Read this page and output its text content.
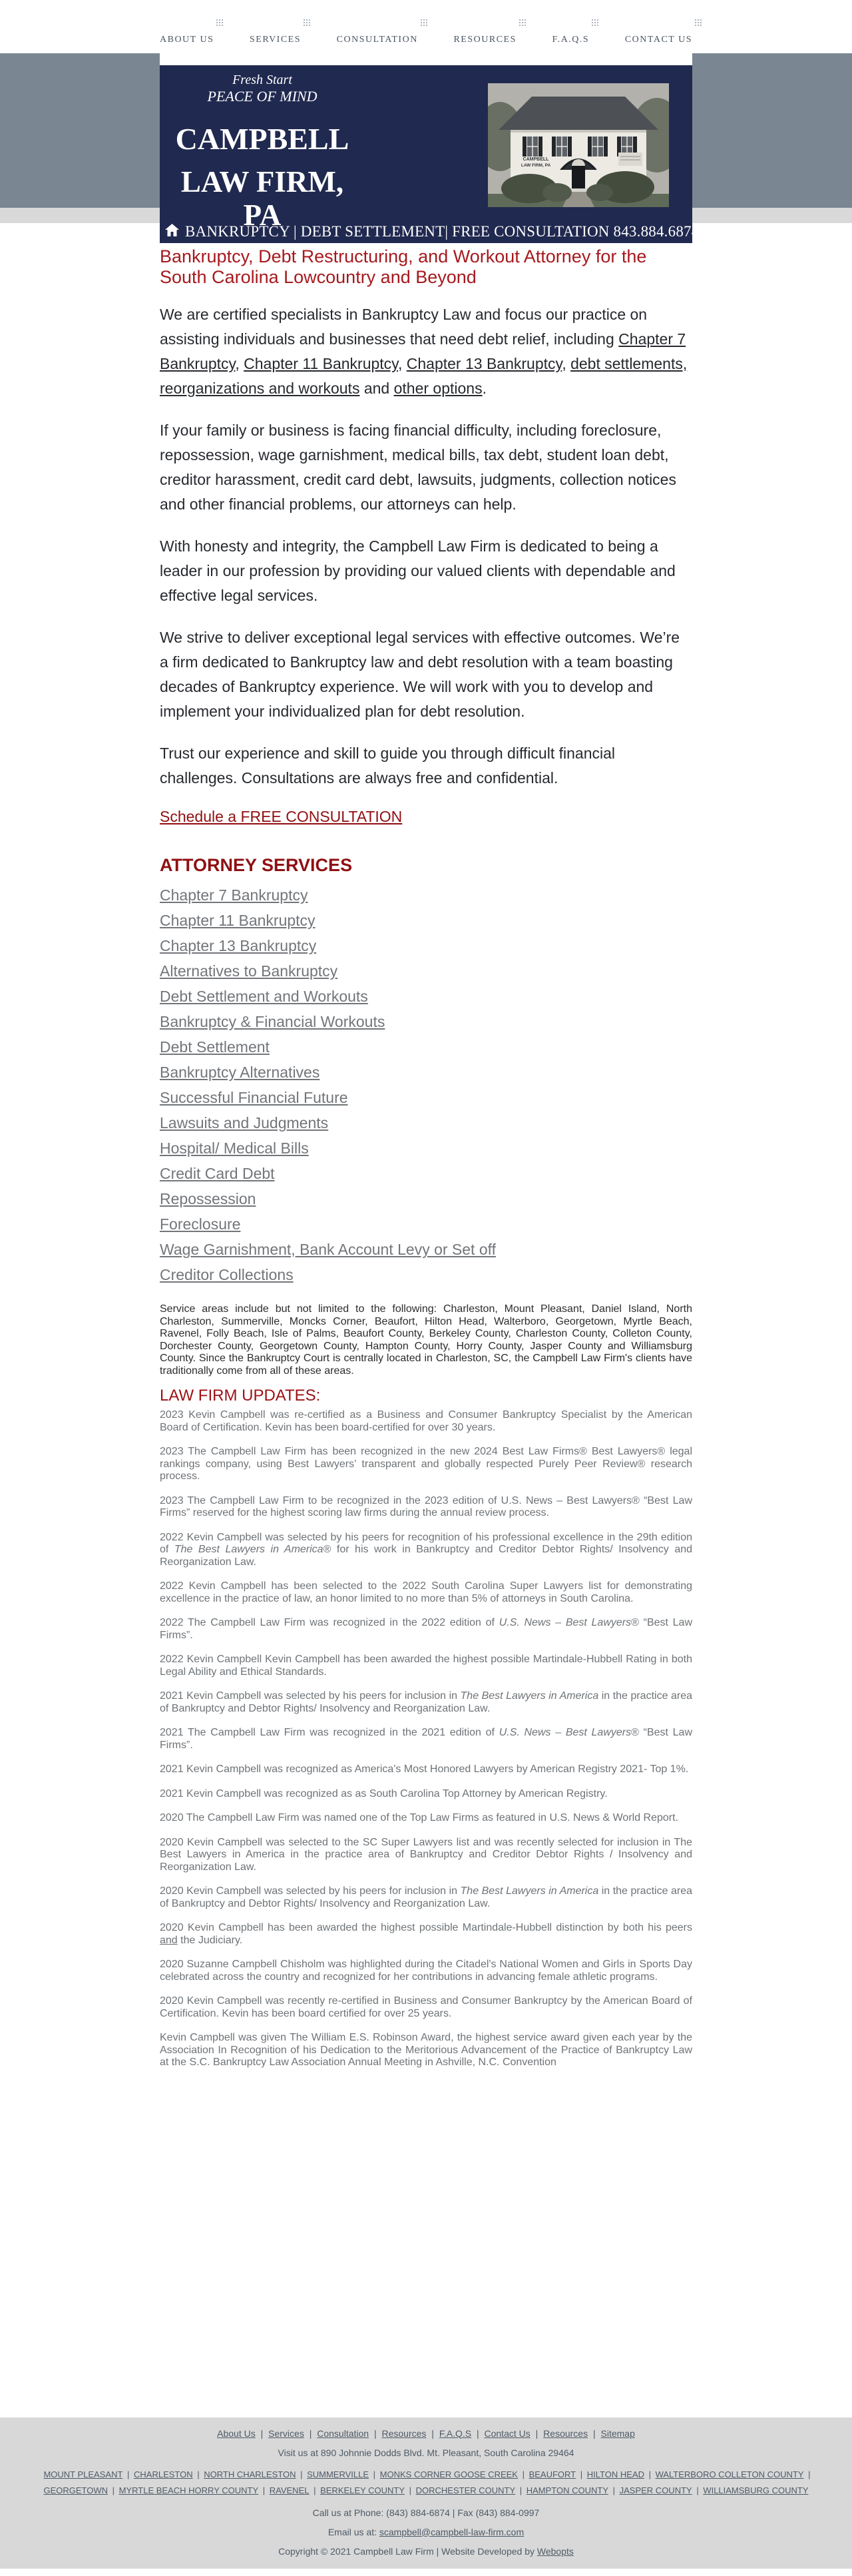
ABOUT US	SERVICES	CONSULTATION	RESOURCES	F.A.Q.S	CONTACT US
Fresh Start
PEACE OF MIND
CAMPBELL
LAW FIRM, PA
CAMPBELL
LAW FIRM, PA
BANKRUPTCY | DEBT SETTLEMENT| FREE CONSULTATION 843.884.6874
Bankruptcy, Debt Restructuring, and Workout Attorney for the South Carolina Lowcountry and Beyond

We are certified specialists in Bankruptcy Law and focus our practice on assisting individuals and businesses that need debt relief, including Chapter 7 Bankruptcy, Chapter 11 Bankruptcy, Chapter 13 Bankruptcy, debt settlements, reorganizations and workouts and other options.

If your family or business is facing financial difficulty, including foreclosure, repossession, wage garnishment, medical bills, tax debt, student loan debt, creditor harassment, credit card debt, lawsuits, judgments, collection notices and other financial problems, our attorneys can help.

With honesty and integrity, the Campbell Law Firm is dedicated to being a leader in our profession by providing our valued clients with dependable and effective legal services.

We strive to deliver exceptional legal services with effective outcomes. We’re a firm dedicated to Bankruptcy law and debt resolution with a team boasting decades of Bankruptcy experience. We will work with you to develop and implement your individualized plan for debt resolution.

Trust our experience and skill to guide you through difficult financial challenges. Consultations are always free and confidential.

Schedule a FREE CONSULTATION

ATTORNEY SERVICES
Chapter 7 Bankruptcy
Chapter 11 Bankruptcy
Chapter 13 Bankruptcy
Alternatives to Bankruptcy
Debt Settlement and Workouts
Bankruptcy & Financial Workouts
Debt Settlement
Bankruptcy Alternatives
Successful Financial Future
Lawsuits and Judgments
Hospital/ Medical Bills
Credit Card Debt
Repossession
Foreclosure
Wage Garnishment, Bank Account Levy or Set off
Creditor Collections

Service areas include but not limited to the following: Charleston, Mount Pleasant, Daniel Island, North Charleston, Summerville, Moncks Corner, Beaufort, Hilton Head, Walterboro, Georgetown, Myrtle Beach, Ravenel, Folly Beach, Isle of Palms, Beaufort County, Berkeley County, Charleston County, Colleton County, Dorchester County, Georgetown County, Hampton County, Horry County, Jasper County and Williamsburg County. Since the Bankruptcy Court is centrally located in Charleston, SC, the Campbell Law Firm's clients have traditionally come from all of these areas.

LAW FIRM UPDATES:

2023 Kevin Campbell was re-certified as a Business and Consumer Bankruptcy Specialist by the American Board of Certification. Kevin has been board-certified for over 30 years.

2023 The Campbell Law Firm has been recognized in the new 2024 Best Law Firms® Best Lawyers® legal rankings company, using Best Lawyers’ transparent and globally respected Purely Peer Review® research process.

2023 The Campbell Law Firm to be recognized in the 2023 edition of U.S. News – Best Lawyers® “Best Law Firms” reserved for the highest scoring law firms during the annual review process.

2022 Kevin Campbell was selected by his peers for recognition of his professional excellence in the 29th edition of The Best Lawyers in America® for his work in Bankruptcy and Creditor Debtor Rights/ Insolvency and Reorganization Law.

2022 Kevin Campbell has been selected to the 2022 South Carolina Super Lawyers list for demonstrating excellence in the practice of law, an honor limited to no more than 5% of attorneys in South Carolina.

2022 The Campbell Law Firm was recognized in the 2022 edition of U.S. News – Best Lawyers® “Best Law Firms”.

2022 Kevin Campbell Kevin Campbell has been awarded the highest possible Martindale-Hubbell Rating in both Legal Ability and Ethical Standards.

2021 Kevin Campbell was selected by his peers for inclusion in The Best Lawyers in America in the practice area of Bankruptcy and Debtor Rights/ Insolvency and Reorganization Law.

2021 The Campbell Law Firm was recognized in the 2021 edition of U.S. News – Best Lawyers® “Best Law Firms”.

2021 Kevin Campbell was recognized as America's Most Honored Lawyers by American Registry 2021- Top 1%.

2021 Kevin Campbell was recognized as as South Carolina Top Attorney by American Registry.

2020 The Campbell Law Firm was named one of the Top Law Firms as featured in U.S. News & World Report.

2020 Kevin Campbell was selected to the SC Super Lawyers list and was recently selected for inclusion in The Best Lawyers in America in the practice area of Bankruptcy and Creditor Debtor Rights / Insolvency and Reorganization Law.

2020 Kevin Campbell was selected by his peers for inclusion in The Best Lawyers in America in the practice area of Bankruptcy and Debtor Rights/ Insolvency and Reorganization Law.

2020 Kevin Campbell has been awarded the highest possible Martindale-Hubbell distinction by both his peers and the Judiciary.

2020 Suzanne Campbell Chisholm was highlighted during the Citadel's National Women and Girls in Sports Day celebrated across the country and recognized for her contributions in advancing female athletic programs.

2020 Kevin Campbell was recently re-certified in Business and Consumer Bankruptcy by the American Board of Certification. Kevin has been board certified for over 25 years.

Kevin Campbell was given The William E.S. Robinson Award, the highest service award given each year by the Association In Recognition of his Dedication to the Meritorious Advancement of the Practice of Bankruptcy Law at the S.C. Bankruptcy Law Association Annual Meeting in Ashville, N.C. Convention

About Us | Services | Consultation | Resources | F.A.Q.S | Contact Us | Resources | Sitemap
Visit us at 890 Johnnie Dodds Blvd. Mt. Pleasant, South Carolina 29464
MOUNT PLEASANT | CHARLESTON | NORTH CHARLESTON | SUMMERVILLE | MONKS CORNER GOOSE CREEK | BEAUFORT | HILTON HEAD | WALTERBORO COLLETON COUNTY | GEORGETOWN | MYRTLE BEACH HORRY COUNTY | RAVENEL | BERKELEY COUNTY | DORCHESTER COUNTY | HAMPTON COUNTY | JASPER COUNTY | WILLIAMSBURG COUNTY
Call us at Phone: (843) 884-6874 | Fax (843) 884-0997
Email us at: scampbell@campbell-law-firm.com
Copyright © 2021 Campbell Law Firm | Website Developed by Webopts
